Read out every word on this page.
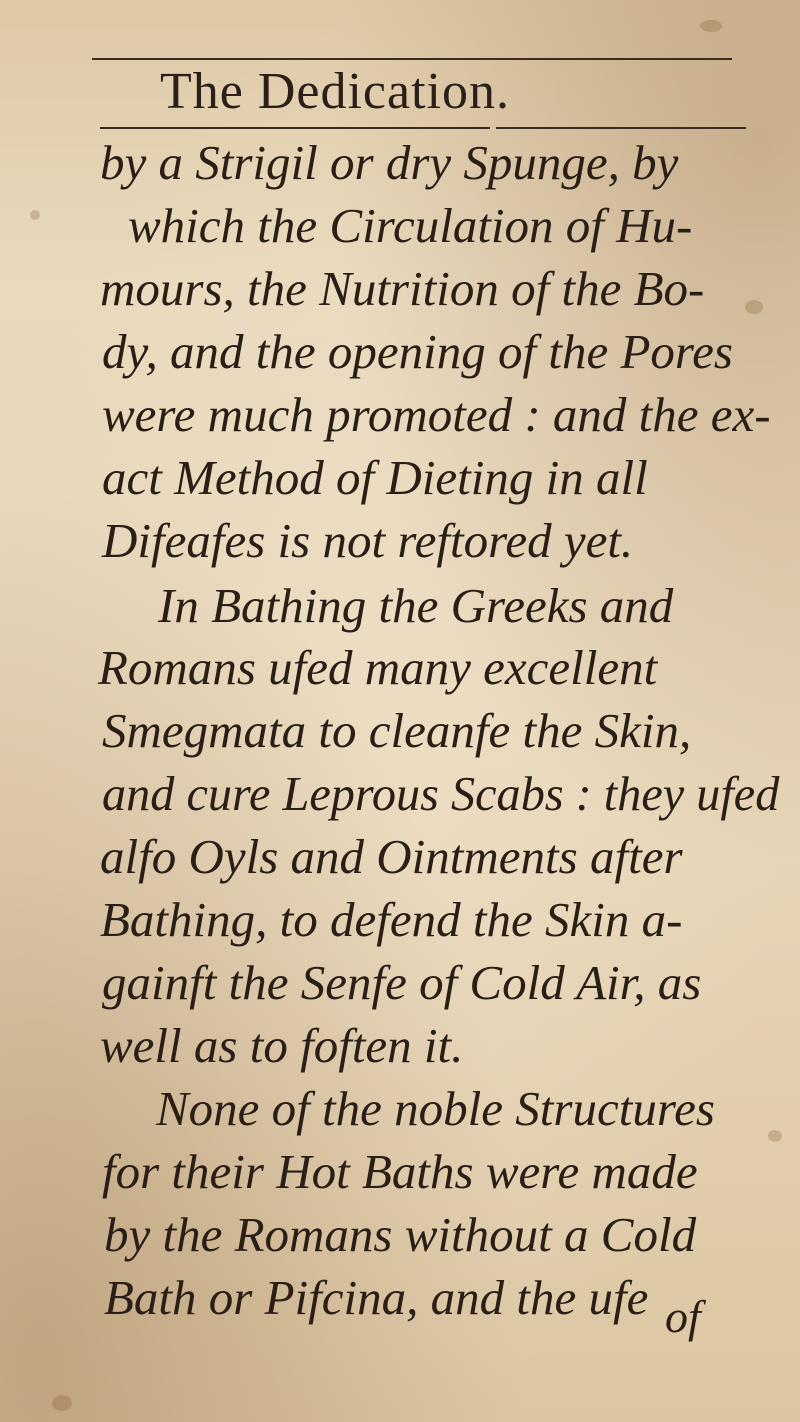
The Dedication.
by a Strigil or dry Spunge, by
which the Circulation of Hu-
mours, the Nutrition of the Bo-
dy, and the opening of the Pores
were much promoted : and the ex-
act Method of Dieting in all
Difeafes is not reftored yet.
In Bathing the Greeks and
Romans ufed many excellent
Smegmata to cleanfe the Skin,
and cure Leprous Scabs : they ufed
alfo Oyls and Ointments after
Bathing, to defend the Skin a-
gainft the Senfe of Cold Air, as
well as to foften it.
None of the noble Structures
for their Hot Baths were made
by the Romans without a Cold
Bath or Pifcina, and the ufe of
